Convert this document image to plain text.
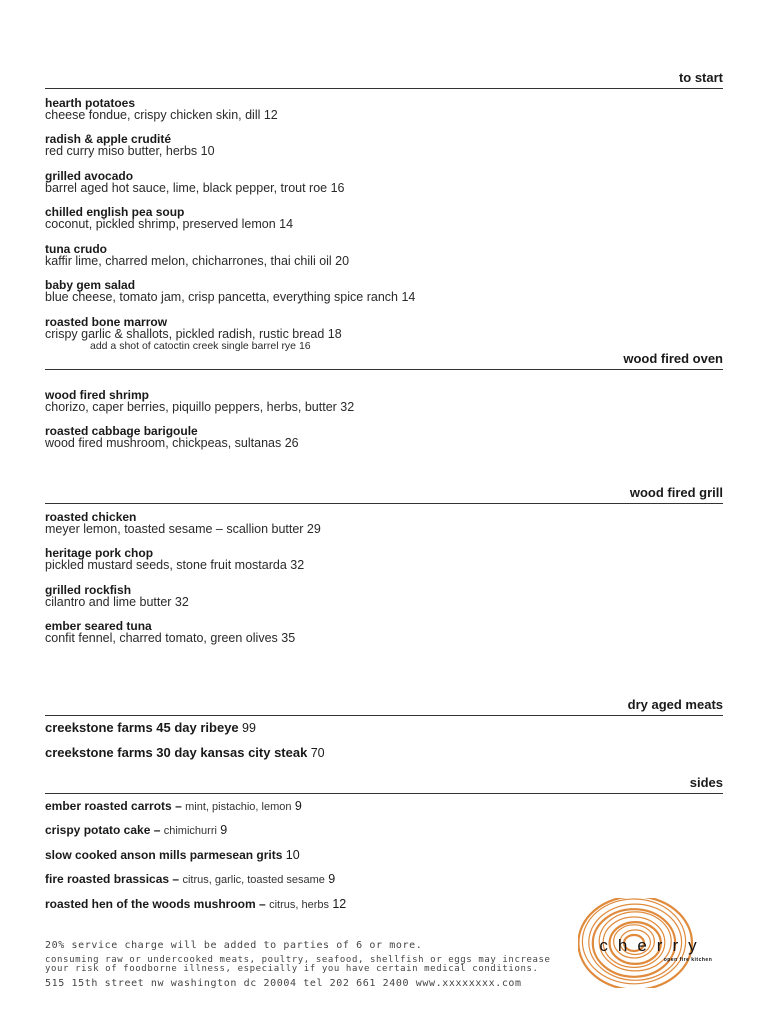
to start
hearth potatoes
cheese fondue, crispy chicken skin, dill 12
radish & apple crudité
red curry miso butter, herbs 10
grilled avocado
barrel aged hot sauce, lime, black pepper, trout roe 16
chilled english pea soup
coconut, pickled shrimp, preserved lemon 14
tuna crudo
kaffir lime, charred melon, chicharrones, thai chili oil 20
baby gem salad
blue cheese, tomato jam, crisp pancetta, everything spice ranch 14
roasted bone marrow
crispy garlic & shallots, pickled radish, rustic bread 18
add a shot of catoctin creek single barrel rye 16
wood fired oven
wood fired shrimp
chorizo, caper berries, piquillo peppers, herbs, butter 32
roasted cabbage barigoule
wood fired mushroom, chickpeas, sultanas 26
wood fired grill
roasted chicken
meyer lemon, toasted sesame – scallion butter 29
heritage pork chop
pickled mustard seeds, stone fruit mostarda 32
grilled rockfish
cilantro and lime butter 32
ember seared tuna
confit fennel, charred tomato, green olives 35
dry aged meats
creekstone farms 45 day ribeye 99
creekstone farms 30 day kansas city steak 70
sides
ember roasted carrots – mint, pistachio, lemon 9
crispy potato cake – chimichurri 9
slow cooked anson mills parmesean grits 10
fire roasted brassicas – citrus, garlic, toasted sesame 9
roasted hen of the woods mushroom – citrus, herbs 12
20% service charge will be added to parties of 6 or more.
consuming raw or undercooked meats, poultry, seafood, shellfish or eggs may increase
your risk of foodborne illness, especially if you have certain medical conditions.
515 15th street nw washington dc 20004 tel 202 661 2400 www.xxxxxxxx.com
cherry
open fire kitchen
